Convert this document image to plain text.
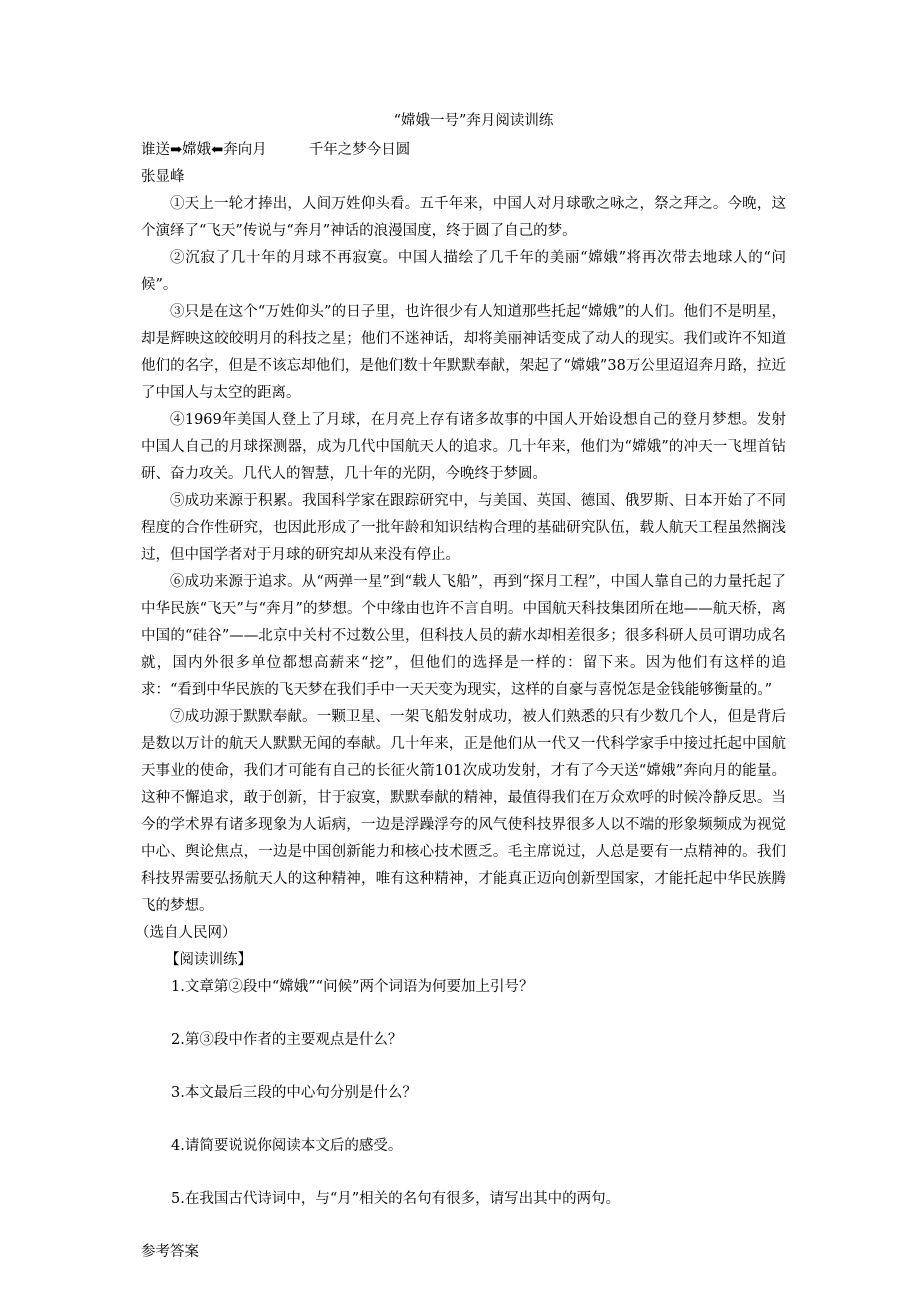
“嫦娥一号”奔月阅读训练

谁送➡嫦娥⬅奔向月	千年之梦今日圆

张显峰

①天上一轮才捧出，人间万姓仰头看。五千年来，中国人对月球歌之咏之，祭之拜之。今晚，这个演绎了“飞天”传说与“奔月”神话的浪漫国度，终于圆了自己的梦。

②沉寂了几十年的月球不再寂寞。中国人描绘了几千年的美丽“嫦娥”将再次带去地球人的“问候”。

③只是在这个“万姓仰头”的日子里，也许很少有人知道那些托起“嫦娥”的人们。他们不是明星，却是辉映这皎皎明月的科技之星；他们不迷神话，却将美丽神话变成了动人的现实。我们或许不知道他们的名字，但是不该忘却他们，是他们数十年默默奉献，架起了“嫦娥”38万公里迢迢奔月路，拉近了中国人与太空的距离。

④1969年美国人登上了月球，在月亮上存有诸多故事的中国人开始设想自己的登月梦想。发射中国人自己的月球探测器，成为几代中国航天人的追求。几十年来，他们为“嫦娥”的冲天一飞埋首钻研、奋力攻关。几代人的智慧，几十年的光阴，今晚终于梦圆。

⑤成功来源于积累。我国科学家在跟踪研究中，与美国、英国、德国、俄罗斯、日本开始了不同程度的合作性研究，也因此形成了一批年龄和知识结构合理的基础研究队伍，载人航天工程虽然搁浅过，但中国学者对于月球的研究却从来没有停止。

⑥成功来源于追求。从“两弹一星”到“载人飞船”，再到“探月工程”，中国人靠自己的力量托起了中华民族“飞天”与“奔月”的梦想。个中缘由也许不言自明。中国航天科技集团所在地——航天桥，离中国的“硅谷”——北京中关村不过数公里，但科技人员的薪水却相差很多；很多科研人员可谓功成名就，国内外很多单位都想高薪来“挖”，但他们的选择是一样的：留下来。因为他们有这样的追求：“看到中华民族的飞天梦在我们手中一天天变为现实，这样的自豪与喜悦怎是金钱能够衡量的。”

⑦成功源于默默奉献。一颗卫星、一架飞船发射成功，被人们熟悉的只有少数几个人，但是背后是数以万计的航天人默默无闻的奉献。几十年来，正是他们从一代又一代科学家手中接过托起中国航天事业的使命，我们才可能有自己的长征火箭101次成功发射，才有了今天送“嫦娥”奔向月的能量。这种不懈追求，敢于创新，甘于寂寞，默默奉献的精神，最值得我们在万众欢呼的时候冷静反思。当今的学术界有诸多现象为人诟病，一边是浮躁浮夸的风气使科技界很多人以不端的形象频频成为视觉中心、舆论焦点，一边是中国创新能力和核心技术匮乏。毛主席说过，人总是要有一点精神的。我们科技界需要弘扬航天人的这种精神，唯有这种精神，才能真正迈向创新型国家，才能托起中华民族腾飞的梦想。

（选自人民网）

【阅读训练】

1.文章第②段中“嫦娥”“问候”两个词语为何要加上引号？

2.第③段中作者的主要观点是什么？

3.本文最后三段的中心句分别是什么？

4.请简要说说你阅读本文后的感受。

5.在我国古代诗词中，与“月”相关的名句有很多，请写出其中的两句。

参考答案
